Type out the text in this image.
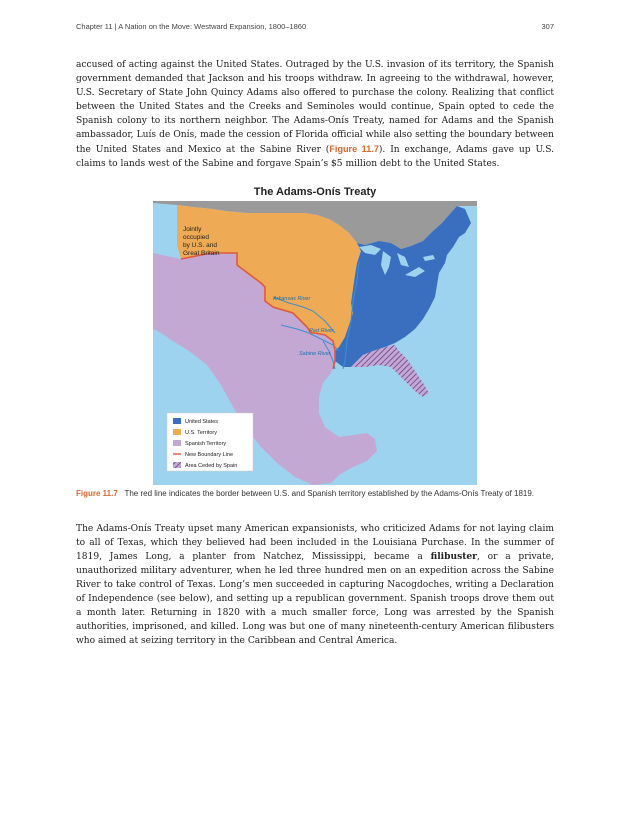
Chapter 11 | A Nation on the Move: Westward Expansion, 1800–1860	307

accused of acting against the United States. Outraged by the U.S. invasion of its territory, the Spanish government demanded that Jackson and his troops withdraw. In agreeing to the withdrawal, however, U.S. Secretary of State John Quincy Adams also offered to purchase the colony. Realizing that conflict between the United States and the Creeks and Seminoles would continue, Spain opted to cede the Spanish colony to its northern neighbor. The Adams-Onís Treaty, named for Adams and the Spanish ambassador, Luís de Onís, made the cession of Florida official while also setting the boundary between the United States and Mexico at the Sabine River (Figure 11.7). In exchange, Adams gave up U.S. claims to lands west of the Sabine and forgave Spain’s $5 million debt to the United States.

The Adams-Onís Treaty
Jointly
occupied
by U.S. and
Great Britain
Arkansas River
Red River
Sabine River
United States
U.S. Territory
Spanish Territory
New Boundary Line
Area Ceded by Spain

Figure 11.7 The red line indicates the border between U.S. and Spanish territory established by the Adams-Onís Treaty of 1819.

The Adams-Onís Treaty upset many American expansionists, who criticized Adams for not laying claim to all of Texas, which they believed had been included in the Louisiana Purchase. In the summer of 1819, James Long, a planter from Natchez, Mississippi, became a filibuster, or a private, unauthorized military adventurer, when he led three hundred men on an expedition across the Sabine River to take control of Texas. Long’s men succeeded in capturing Nacogdoches, writing a Declaration of Independence (see below), and setting up a republican government. Spanish troops drove them out a month later. Returning in 1820 with a much smaller force, Long was arrested by the Spanish authorities, imprisoned, and killed. Long was but one of many nineteenth-century American filibusters who aimed at seizing territory in the Caribbean and Central America.
